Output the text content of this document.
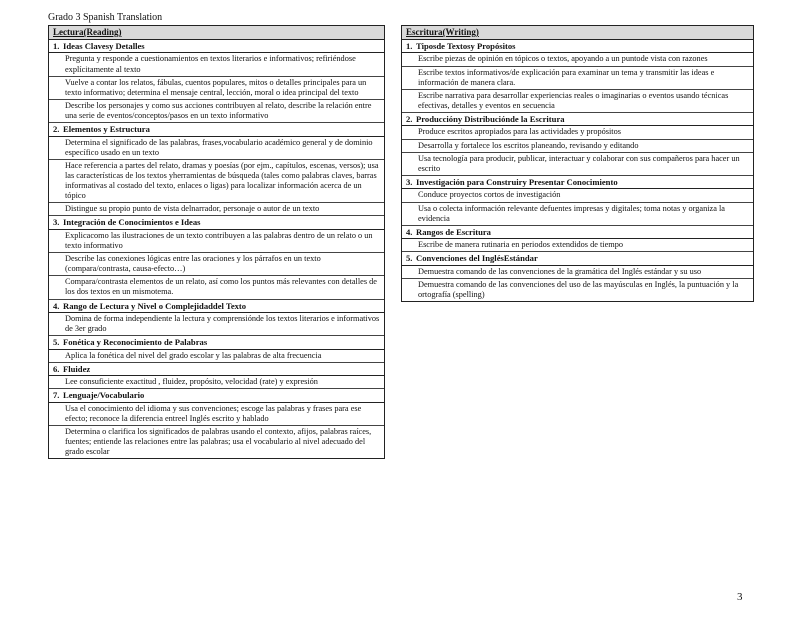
Grado 3 Spanish Translation
Lectura(Reading)
1. Ideas Clavesy Detalles
Pregunta y responde a cuestionamientos en textos literarios e informativos; refiriéndose explícitamente al texto
Vuelve a contar los relatos, fábulas, cuentos populares, mitos o detalles principales para un texto informativo; determina el mensaje central, lección, moral o idea principal del texto
Describe los personajes y como sus acciones contribuyen al relato, describe la relación entre una serie de eventos/conceptos/pasos en un texto informativo
2. Elementos y Estructura
Determina el significado de las palabras, frases,vocabulario académico general y de dominio específico usado en un texto
Hace referencia a partes del relato, dramas y poesías (por ejm., capítulos, escenas, versos); usa las características de los textos yherramientas de búsqueda (tales como palabras claves, barras informativas al costado del texto, enlaces o ligas) para localizar información acerca de un tópico
Distingue su propio punto de vista delnarrador, personaje o autor de un texto
3. Integración de Conocimientos e Ideas
Explicacomo las ilustraciones de un texto contribuyen a las palabras dentro de un relato o un texto informativo
Describe las conexiones lógicas entre las oraciones y los párrafos en un texto (compara/contrasta, causa-efecto…)
Compara/contrasta elementos de un relato, así como los puntos más relevantes con detalles de los dos textos en un mismotema.
4. Rango de Lectura y Nivel o Complejidaddel Texto
Domina de forma independiente la lectura y comprensiónde los textos literarios e informativos de 3er grado
5. Fonética y Reconocimiento de Palabras
Aplica la fonética del nivel del grado escolar y las palabras de alta frecuencia
6. Fluidez
Lee consuficiente exactitud , fluidez, propósito, velocidad (rate) y expresión
7. Lenguaje/Vocabulario
Usa el conocimiento del idioma y sus convenciones; escoge las palabras y frases para ese efecto; reconoce la diferencia entreel Inglés escrito y hablado
Determina o clarifica los significados de palabras usando el contexto, afijos, palabras raíces, fuentes; entiende las relaciones entre las palabras; usa el vocabulario al nivel adecuado del grado escolar
Escritura(Writing)
1. Tiposde Textosy Propósitos
Escribe piezas de opinión en tópicos o textos, apoyando a un puntode vista con razones
Escribe textos informativos/de explicación para examinar un tema y transmitir las ideas e información de manera clara.
Escribe narrativa para desarrollar experiencias reales o imaginarias o eventos usando técnicas efectivas, detalles y eventos en secuencia
2. Produccióny Distribuciónde la Escritura
Produce escritos apropiados para las actividades y propósitos
Desarrolla y fortalece los escritos planeando, revisando y editando
Usa tecnología para producir, publicar, interactuar y colaborar con sus compañeros para hacer un escrito
3. Investigación para Construiry Presentar Conocimiento
Conduce proyectos cortos de investigación
Usa o colecta información relevante defuentes impresas y digitales; toma notas y organiza la evidencia
4. Rangos de Escritura
Escribe de manera rutinaria en periodos extendidos de tiempo
5. Convenciones del InglésEstándar
Demuestra comando de las convenciones de la gramática del Inglés estándar y su uso
Demuestra comando de las convenciones del uso de las mayúsculas en Inglés, la puntuación y la ortografía (spelling)
3
